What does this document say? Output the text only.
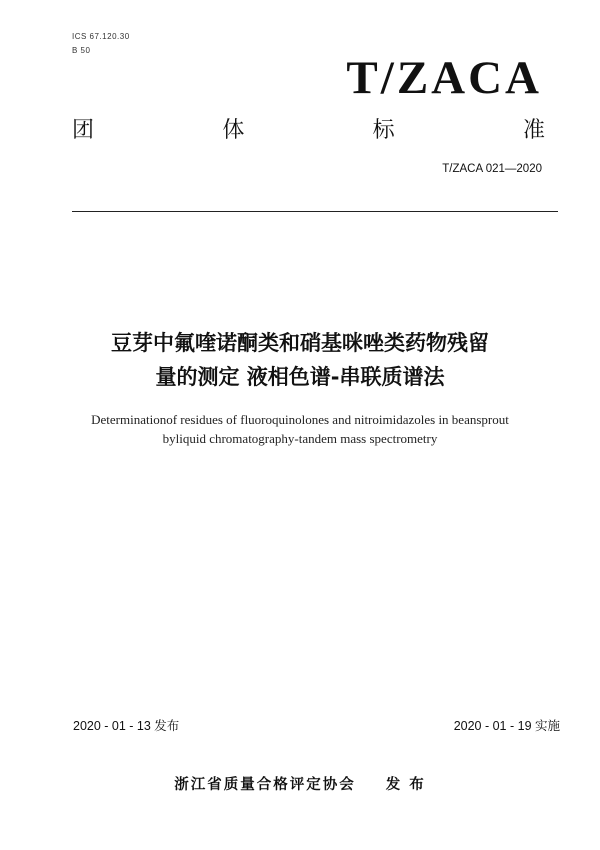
ICS 67.120.30
B 50
T/ZACA
团	体	标	准
T/ZACA 021—2020
豆芽中氟喹诺酮类和硝基咪唑类药物残留
量的测定 液相色谱-串联质谱法
Determinationof residues of fluoroquinolones and nitroimidazoles in beansprout
byliquid chromatography-tandem mass spectrometry
2020 - 01 - 13 发布	2020 - 01 - 19 实施
浙江省质量合格评定协会 发 布
